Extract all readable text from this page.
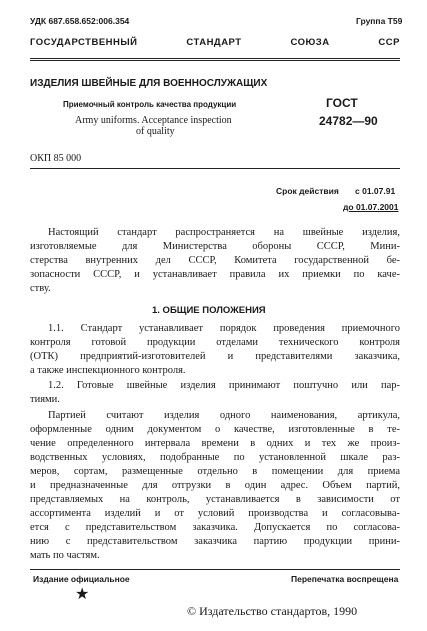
УДК 687.658.652:006.354	Группа Т59
ГОСУДАРСТВЕННЫЙ СТАНДАРТ СОЮЗА ССР
ИЗДЕЛИЯ ШВЕЙНЫЕ ДЛЯ ВОЕННОСЛУЖАЩИХ
Приемочный контроль качества продукции
Army uniforms. Acceptance inspection
of quality
ГОСТ
24782—90
ОКП 85 000
Срок действия с 01.07.91
до 01.07.2001
Настоящий стандарт распространяется на швейные изделия,
изготовляемые для Министерства обороны СССР, Мини-
стерства внутренних дел СССР, Комитета государственной бе-
зопасности СССР, и устанавливает правила их приемки по каче-
ству.
1. ОБЩИЕ ПОЛОЖЕНИЯ
1.1. Стандарт устанавливает порядок проведения приемочного
контроля готовой продукции отделами технического контроля
(ОТК) предприятий-изготовителей и представителями заказчика,
а также инспекционного контроля.
1.2. Готовые швейные изделия принимают поштучно или пар-
тиями.
Партией считают изделия одного наименования, артикула,
оформленные одним документом о качестве, изготовленные в те-
чение определенного интервала времени в одних и тех же произ-
водственных условиях, подобранные по установленной шкале раз-
меров, сортам, размещенные отдельно в помещении для приема
и предназначенные для отгрузки в один адрес. Объем партий,
представляемых на контроль, устанавливается в зависимости от
ассортимента изделий и от условий производства и согласовыва-
ется с представительством заказчика. Допускается по согласова-
нию с представительством заказчика партию продукции прини-
мать по частям.
Издание официальное	Перепечатка воспрещена
★
© Издательство стандартов, 1990
